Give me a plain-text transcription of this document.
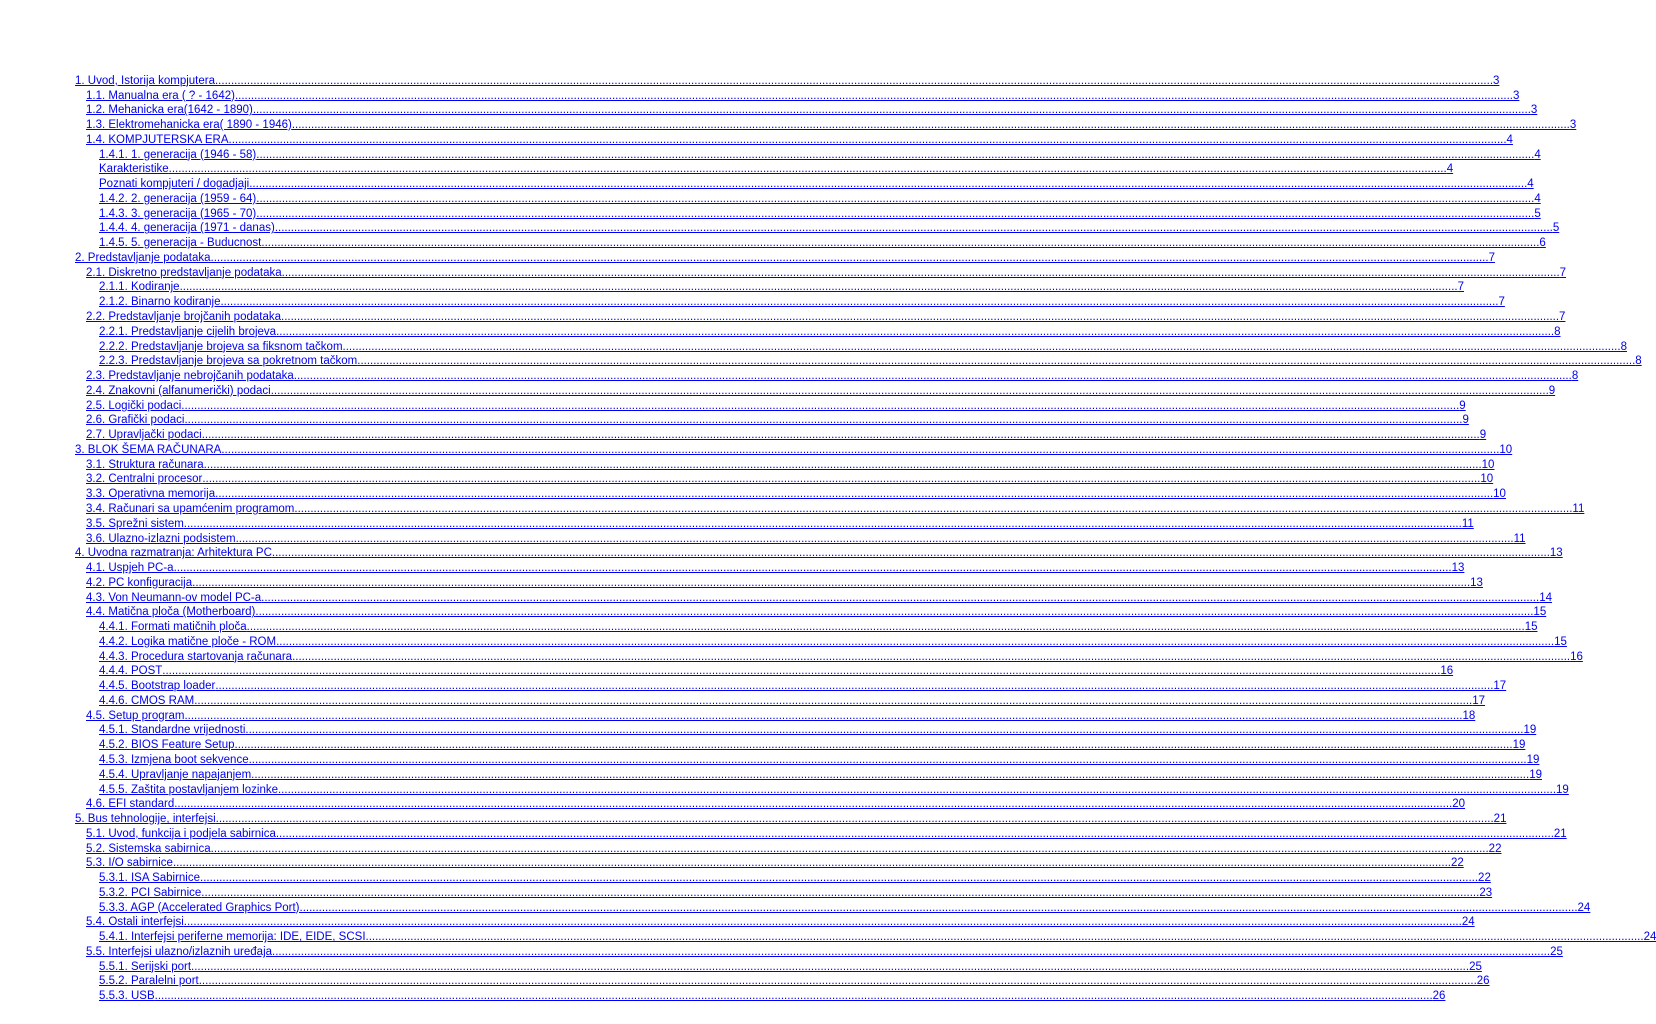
1. Uvod, Istorija kompjutera ................................................................................................................................................................................................................................................................................................................................................................................................................ 3
1.1. Manualna era ( ? - 1642) ................................................................................................................................................................................................................................................................................................................................................................................................................ 3
1.2. Mehanicka era(1642 - 1890) ................................................................................................................................................................................................................................................................................................................................................................................................................ 3
1.3. Elektromehanicka era( 1890 - 1946) ................................................................................................................................................................................................................................................................................................................................................................................................................ 3
1.4. KOMPJUTERSKA ERA ................................................................................................................................................................................................................................................................................................................................................................................................................ 4
1.4.1. 1. generacija (1946 - 58) ................................................................................................................................................................................................................................................................................................................................................................................................................ 4
Karakteristike ................................................................................................................................................................................................................................................................................................................................................................................................................ 4
Poznati kompjuteri / dogadjaji ................................................................................................................................................................................................................................................................................................................................................................................................................ 4
1.4.2. 2. generacija (1959 - 64) ................................................................................................................................................................................................................................................................................................................................................................................................................ 4
1.4.3. 3. generacija (1965 - 70) ................................................................................................................................................................................................................................................................................................................................................................................................................ 5
1.4.4. 4. generacija (1971 - danas) ................................................................................................................................................................................................................................................................................................................................................................................................................ 5
1.4.5. 5. generacija - Buducnost ................................................................................................................................................................................................................................................................................................................................................................................................................ 6
2. Predstavljanje podataka ................................................................................................................................................................................................................................................................................................................................................................................................................ 7
2.1. Diskretno predstavljanje podataka ................................................................................................................................................................................................................................................................................................................................................................................................................ 7
2.1.1. Kodiranje ................................................................................................................................................................................................................................................................................................................................................................................................................ 7
2.1.2. Binarno kodiranje ................................................................................................................................................................................................................................................................................................................................................................................................................ 7
2.2. Predstavljanje brojčanih podataka ................................................................................................................................................................................................................................................................................................................................................................................................................ 7
2.2.1. Predstavljanje cijelih brojeva ................................................................................................................................................................................................................................................................................................................................................................................................................ 8
2.2.2. Predstavljanje brojeva sa fiksnom tačkom ................................................................................................................................................................................................................................................................................................................................................................................................................ 8
2.2.3. Predstavljanje brojeva sa pokretnom tačkom ................................................................................................................................................................................................................................................................................................................................................................................................................ 8
2.3. Predstavljanje nebrojčanih podataka ................................................................................................................................................................................................................................................................................................................................................................................................................ 8
2.4. Znakovni (alfanumerički) podaci ................................................................................................................................................................................................................................................................................................................................................................................................................ 9
2.5. Logički podaci ................................................................................................................................................................................................................................................................................................................................................................................................................ 9
2.6. Grafički podaci ................................................................................................................................................................................................................................................................................................................................................................................................................ 9
2.7. Upravljački podaci ................................................................................................................................................................................................................................................................................................................................................................................................................ 9
3. BLOK ŠEMA RAČUNARA ................................................................................................................................................................................................................................................................................................................................................................................................................ 10
3.1. Struktura računara ................................................................................................................................................................................................................................................................................................................................................................................................................ 10
3.2. Centralni procesor ................................................................................................................................................................................................................................................................................................................................................................................................................ 10
3.3. Operativna memorija ................................................................................................................................................................................................................................................................................................................................................................................................................ 10
3.4. Računari sa upamćenim programom ................................................................................................................................................................................................................................................................................................................................................................................................................ 11
3.5. Sprežni sistem ................................................................................................................................................................................................................................................................................................................................................................................................................ 11
3.6. Ulazno-izlazni podsistem ................................................................................................................................................................................................................................................................................................................................................................................................................ 11
4. Uvodna razmatranja: Arhitektura PC ................................................................................................................................................................................................................................................................................................................................................................................................................ 13
4.1. Uspjeh PC-a ................................................................................................................................................................................................................................................................................................................................................................................................................ 13
4.2. PC konfiguracija ................................................................................................................................................................................................................................................................................................................................................................................................................ 13
4.3. Von Neumann-ov model PC-a ................................................................................................................................................................................................................................................................................................................................................................................................................ 14
4.4. Matična ploča (Motherboard) ................................................................................................................................................................................................................................................................................................................................................................................................................ 15
4.4.1. Formati matičnih ploča ................................................................................................................................................................................................................................................................................................................................................................................................................ 15
4.4.2. Logika matične ploče - ROM ................................................................................................................................................................................................................................................................................................................................................................................................................ 15
4.4.3. Procedura startovanja računara ................................................................................................................................................................................................................................................................................................................................................................................................................ 16
4.4.4. POST ................................................................................................................................................................................................................................................................................................................................................................................................................ 16
4.4.5. Bootstrap loader ................................................................................................................................................................................................................................................................................................................................................................................................................ 17
4.4.6. CMOS RAM ................................................................................................................................................................................................................................................................................................................................................................................................................ 17
4.5. Setup program ................................................................................................................................................................................................................................................................................................................................................................................................................ 18
4.5.1. Standardne vrijednosti ................................................................................................................................................................................................................................................................................................................................................................................................................ 19
4.5.2. BIOS Feature Setup ................................................................................................................................................................................................................................................................................................................................................................................................................ 19
4.5.3. Izmjena boot sekvence ................................................................................................................................................................................................................................................................................................................................................................................................................ 19
4.5.4. Upravljanje napajanjem ................................................................................................................................................................................................................................................................................................................................................................................................................ 19
4.5.5. Zaštita postavljanjem lozinke ................................................................................................................................................................................................................................................................................................................................................................................................................ 19
4.6. EFI standard ................................................................................................................................................................................................................................................................................................................................................................................................................ 20
5. Bus tehnologije, interfejsi ................................................................................................................................................................................................................................................................................................................................................................................................................ 21
5.1. Uvod, funkcija i podjela sabirnica ................................................................................................................................................................................................................................................................................................................................................................................................................ 21
5.2. Sistemska sabirnica ................................................................................................................................................................................................................................................................................................................................................................................................................ 22
5.3. I/O sabirnice ................................................................................................................................................................................................................................................................................................................................................................................................................ 22
5.3.1. ISA Sabirnice ................................................................................................................................................................................................................................................................................................................................................................................................................ 22
5.3.2. PCI Sabirnice ................................................................................................................................................................................................................................................................................................................................................................................................................ 23
5.3.3. AGP (Accelerated Graphics Port) ................................................................................................................................................................................................................................................................................................................................................................................................................ 24
5.4. Ostali interfejsi ................................................................................................................................................................................................................................................................................................................................................................................................................ 24
5.4.1. Interfejsi periferne memorija: IDE, EIDE, SCSI ................................................................................................................................................................................................................................................................................................................................................................................................................ 24
5.5. Interfejsi ulazno/izlaznih uređaja ................................................................................................................................................................................................................................................................................................................................................................................................................ 25
5.5.1. Serijski port ................................................................................................................................................................................................................................................................................................................................................................................................................ 25
5.5.2. Paralelni port ................................................................................................................................................................................................................................................................................................................................................................................................................ 26
5.5.3. USB ................................................................................................................................................................................................................................................................................................................................................................................................................ 26
